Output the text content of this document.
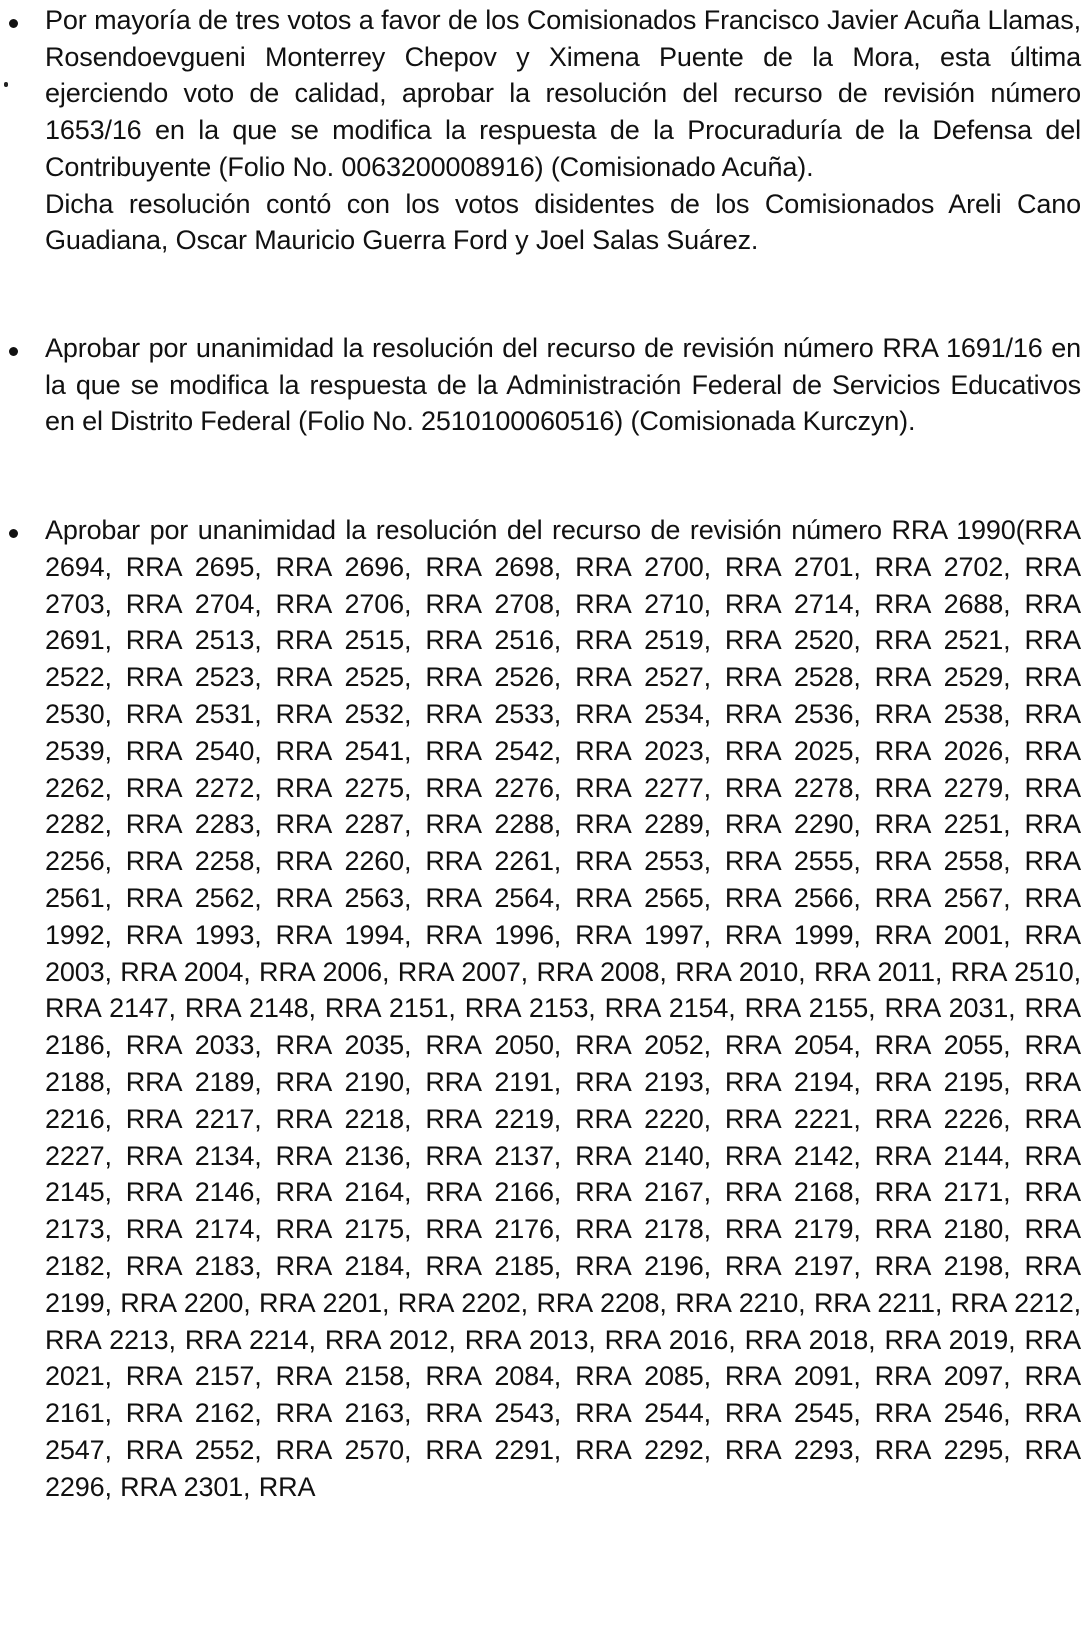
Por mayoría de tres votos a favor de los Comisionados Francisco Javier Acuña Llamas, Rosendoevgueni Monterrey Chepov y Ximena Puente de la Mora, esta última ejerciendo voto de calidad, aprobar la resolución del recurso de revisión número 1653/16 en la que se modifica la respuesta de la Procuraduría de la Defensa del Contribuyente (Folio No. 0063200008916) (Comisionado Acuña).

Dicha resolución contó con los votos disidentes de los Comisionados Areli Cano Guadiana, Oscar Mauricio Guerra Ford y Joel Salas Suárez.

Aprobar por unanimidad la resolución del recurso de revisión número RRA 1691/16 en la que se modifica la respuesta de la Administración Federal de Servicios Educativos en el Distrito Federal (Folio No. 2510100060516) (Comisionada Kurczyn).

Aprobar por unanimidad la resolución del recurso de revisión número RRA 1990(RRA 2694, RRA 2695, RRA 2696, RRA 2698, RRA 2700, RRA 2701, RRA 2702, RRA 2703, RRA 2704, RRA 2706, RRA 2708, RRA 2710, RRA 2714, RRA 2688, RRA 2691, RRA 2513, RRA 2515, RRA 2516, RRA 2519, RRA 2520, RRA 2521, RRA 2522, RRA 2523, RRA 2525, RRA 2526, RRA 2527, RRA 2528, RRA 2529, RRA 2530, RRA 2531, RRA 2532, RRA 2533, RRA 2534, RRA 2536, RRA 2538, RRA 2539, RRA 2540, RRA 2541, RRA 2542, RRA 2023, RRA 2025, RRA 2026, RRA 2262, RRA 2272, RRA 2275, RRA 2276, RRA 2277, RRA 2278, RRA 2279, RRA 2282, RRA 2283, RRA 2287, RRA 2288, RRA 2289, RRA 2290, RRA 2251, RRA 2256, RRA 2258, RRA 2260, RRA 2261, RRA 2553, RRA 2555, RRA 2558, RRA 2561, RRA 2562, RRA 2563, RRA 2564, RRA 2565, RRA 2566, RRA 2567, RRA 1992, RRA 1993, RRA 1994, RRA 1996, RRA 1997, RRA 1999, RRA 2001, RRA 2003, RRA 2004, RRA 2006, RRA 2007, RRA 2008, RRA 2010, RRA 2011, RRA 2510, RRA 2147, RRA 2148, RRA 2151, RRA 2153, RRA 2154, RRA 2155, RRA 2031, RRA 2186, RRA 2033, RRA 2035, RRA 2050, RRA 2052, RRA 2054, RRA 2055, RRA 2188, RRA 2189, RRA 2190, RRA 2191, RRA 2193, RRA 2194, RRA 2195, RRA 2216, RRA 2217, RRA 2218, RRA 2219, RRA 2220, RRA 2221, RRA 2226, RRA 2227, RRA 2134, RRA 2136, RRA 2137, RRA 2140, RRA 2142, RRA 2144, RRA 2145, RRA 2146, RRA 2164, RRA 2166, RRA 2167, RRA 2168, RRA 2171, RRA 2173, RRA 2174, RRA 2175, RRA 2176, RRA 2178, RRA 2179, RRA 2180, RRA 2182, RRA 2183, RRA 2184, RRA 2185, RRA 2196, RRA 2197, RRA 2198, RRA 2199, RRA 2200, RRA 2201, RRA 2202, RRA 2208, RRA 2210, RRA 2211, RRA 2212, RRA 2213, RRA 2214, RRA 2012, RRA 2013, RRA 2016, RRA 2018, RRA 2019, RRA 2021, RRA 2157, RRA 2158, RRA 2084, RRA 2085, RRA 2091, RRA 2097, RRA 2161, RRA 2162, RRA 2163, RRA 2543, RRA 2544, RRA 2545, RRA 2546, RRA 2547, RRA 2552, RRA 2570, RRA 2291, RRA 2292, RRA 2293, RRA 2295, RRA 2296, RRA 2301, RRA
